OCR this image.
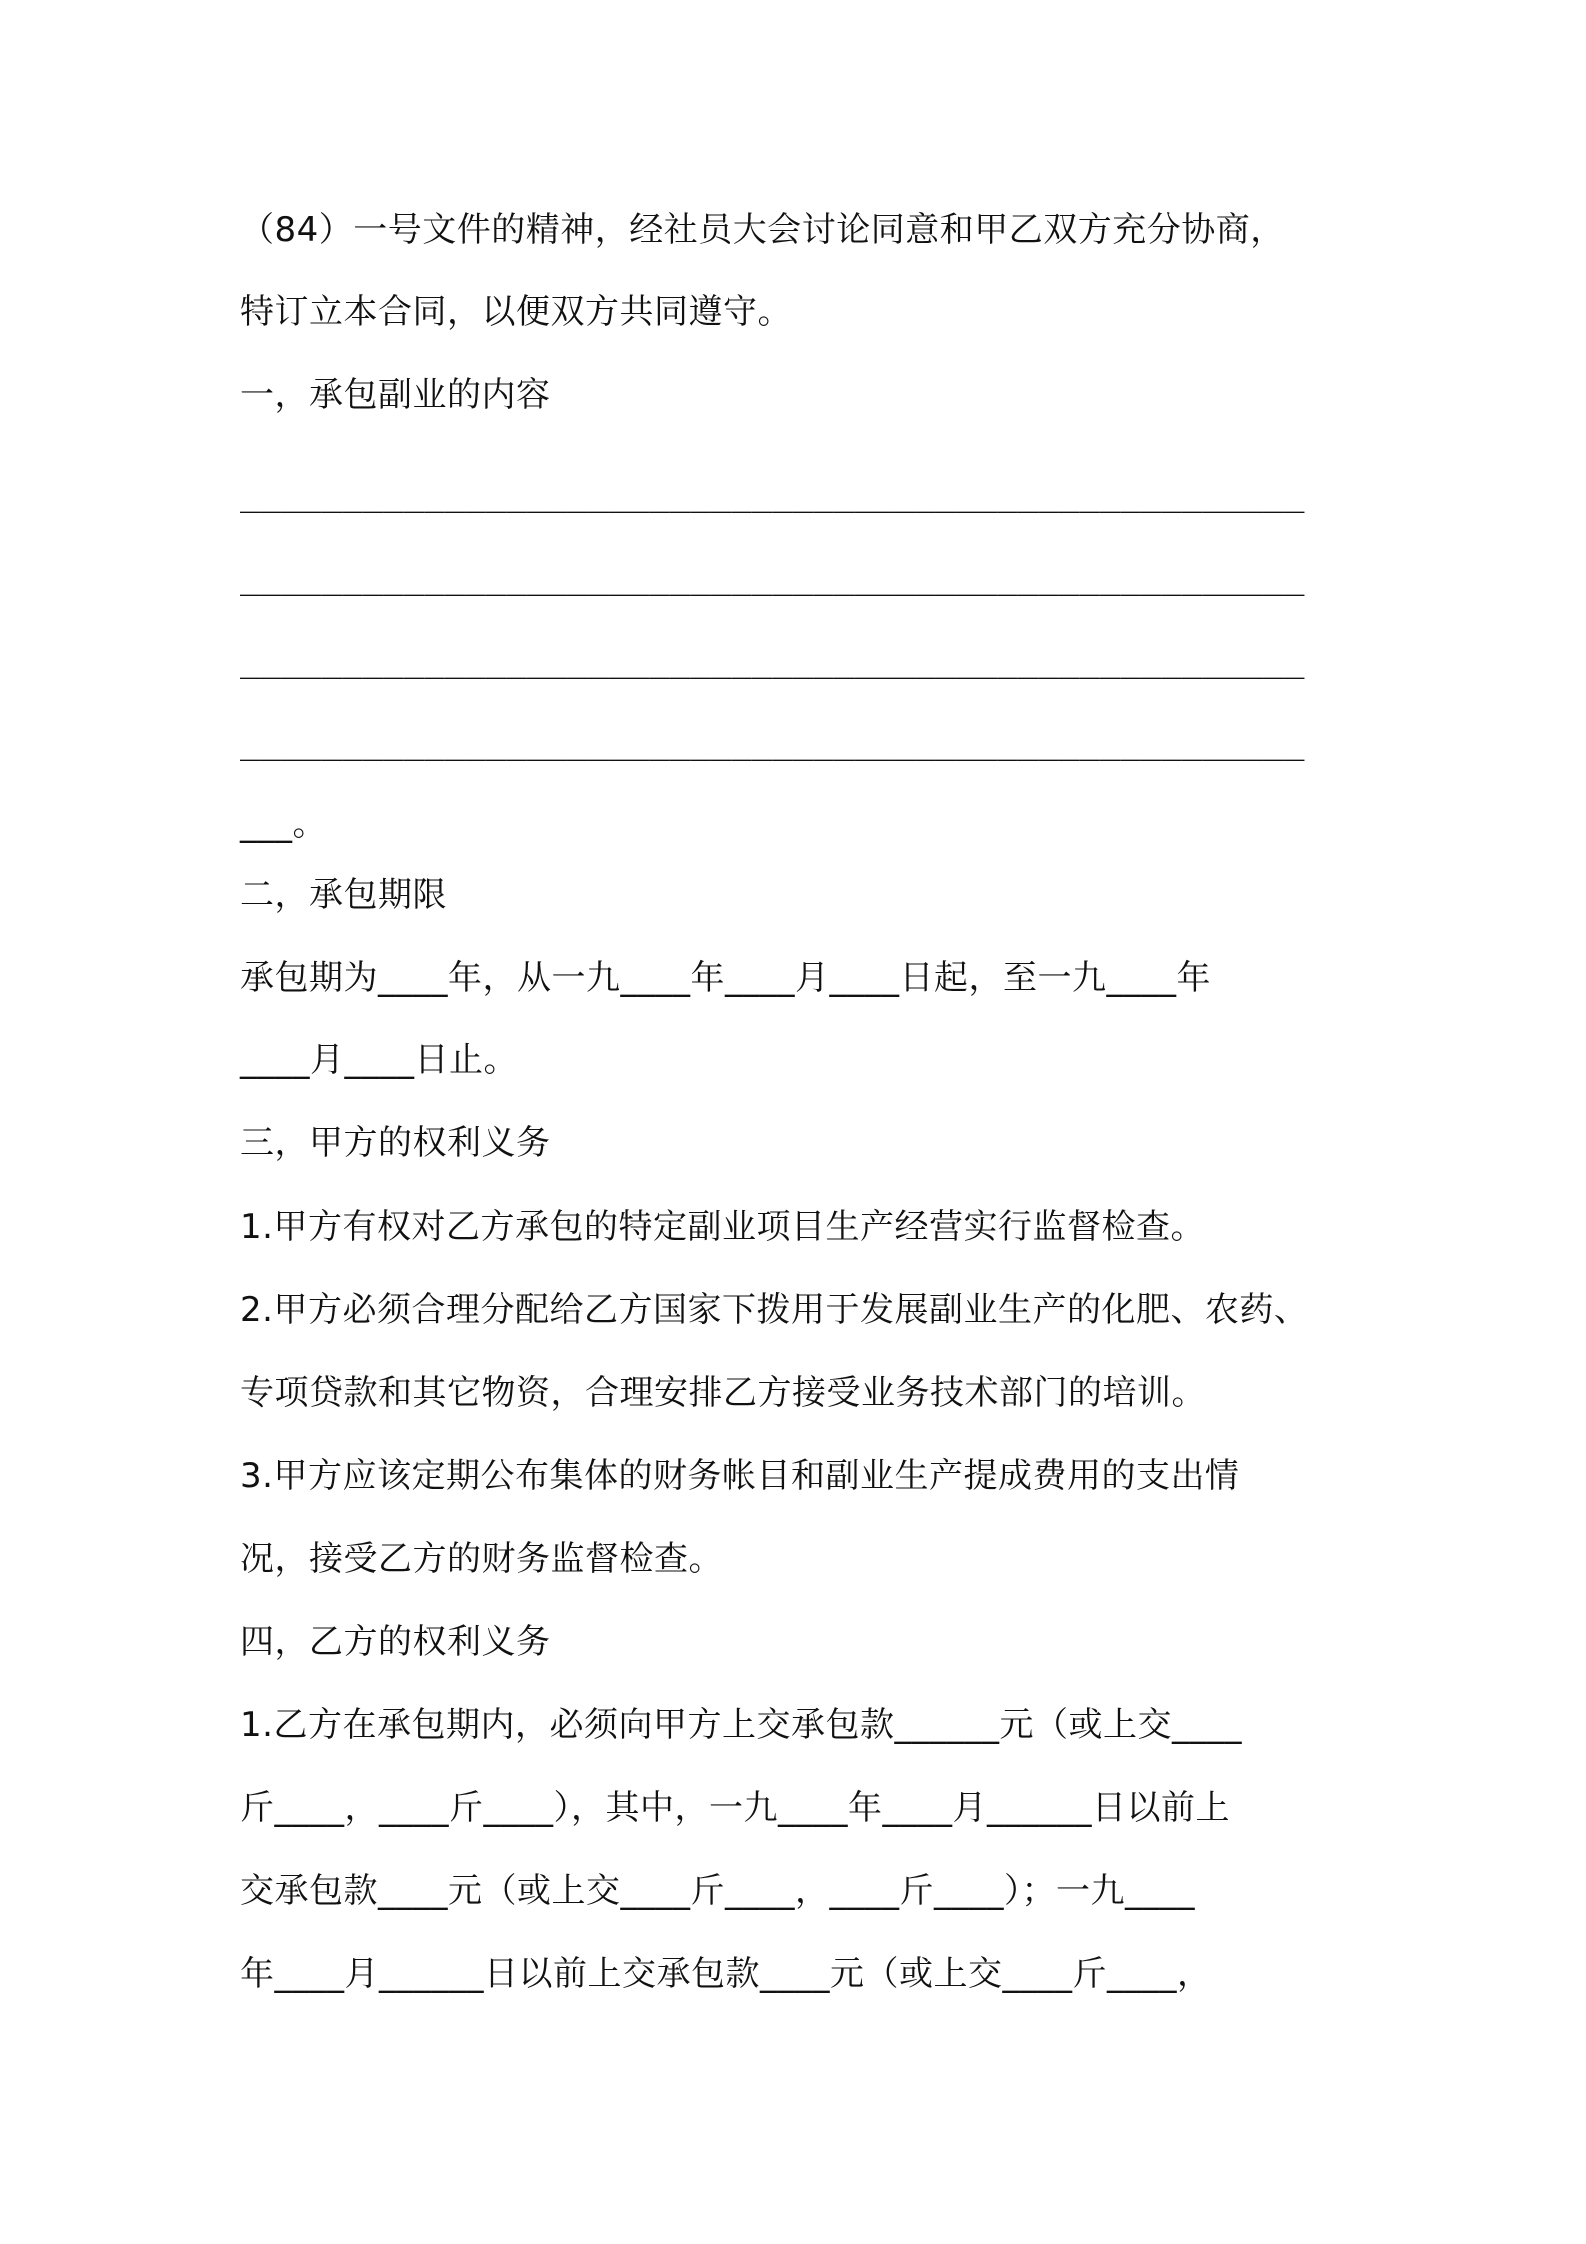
（84）一号文件的精神，经社员大会讨论同意和甲乙双方充分协商，
特订立本合同，以便双方共同遵守。
一，承包副业的内容
____________________________________________________
____________________________________________________
____________________________________________________
____________________________________________________
___。
二，承包期限
承包期为____年，从一九____年____月____日起，至一九____年
____月____日止。
三，甲方的权利义务
1.甲方有权对乙方承包的特定副业项目生产经营实行监督检查。
2.甲方必须合理分配给乙方国家下拨用于发展副业生产的化肥、农药、
专项贷款和其它物资，合理安排乙方接受业务技术部门的培训。
3.甲方应该定期公布集体的财务帐目和副业生产提成费用的支出情
况，接受乙方的财务监督检查。
四，乙方的权利义务
1.乙方在承包期内，必须向甲方上交承包款______元（或上交____
斤____，____斤____），其中，一九____年____月______日以前上
交承包款____元（或上交____斤____，____斤____）；一九____
年____月______日以前上交承包款____元（或上交____斤____，
